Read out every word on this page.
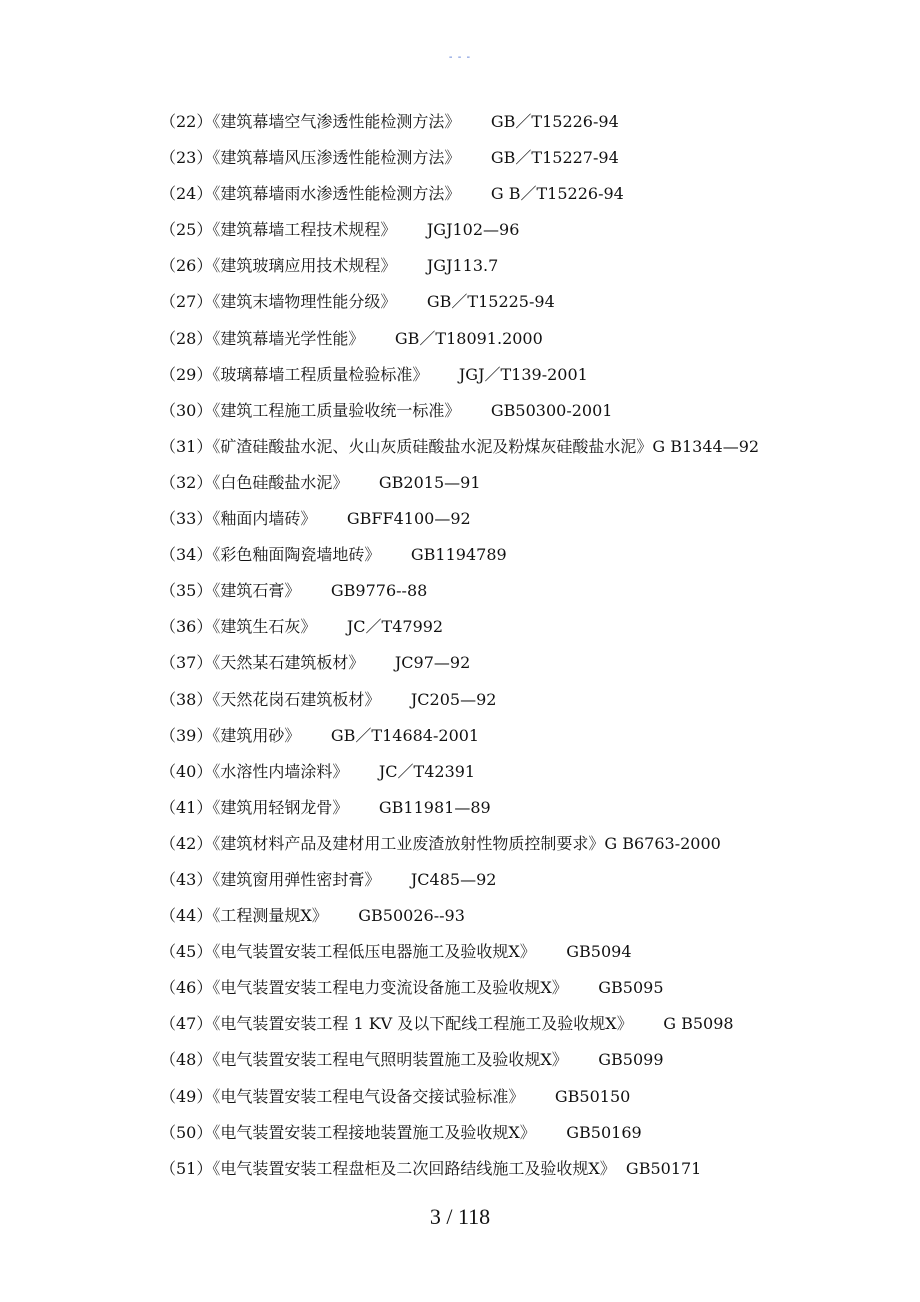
- - -
（22）《建筑幕墙空气渗透性能检测方法》      GB／T15226-94
（23）《建筑幕墙风压渗透性能检测方法》      GB／T15227-94
（24）《建筑幕墙雨水渗透性能检测方法》      G B／T15226-94
（25）《建筑幕墙工程技术规程》      JGJ102—96
（26）《建筑玻璃应用技术规程》      JGJ113.7
（27）《建筑末墙物理性能分级》      GB／T15225-94
（28）《建筑幕墙光学性能》      GB／T18091.2000
（29）《玻璃幕墙工程质量检验标准》      JGJ／T139-2001
（30）《建筑工程施工质量验收统一标准》      GB50300-2001
（31）《矿渣硅酸盐水泥、火山灰质硅酸盐水泥及粉煤灰硅酸盐水泥》G B1344—92
（32）《白色硅酸盐水泥》      GB2015—91
（33）《釉面内墙砖》      GBFF4100—92
（34）《彩色釉面陶瓷墙地砖》      GB1194789
（35）《建筑石膏》      GB9776--88
（36）《建筑生石灰》      JC／T47992
（37）《天然某石建筑板材》      JC97—92
（38）《天然花岗石建筑板材》      JC205—92
（39）《建筑用砂》      GB／T14684-2001
（40）《水溶性内墙涂料》      JC／T42391
（41）《建筑用轻钢龙骨》      GB11981—89
（42）《建筑材料产品及建材用工业废渣放射性物质控制要求》G B6763-2000
（43）《建筑窗用弹性密封膏》      JC485—92
（44）《工程测量规X》      GB50026--93
（45）《电气装置安装工程低压电器施工及验收规X》      GB5094
（46）《电气装置安装工程电力变流设备施工及验收规X》      GB5095
（47）《电气装置安装工程 1 KV 及以下配线工程施工及验收规X》      G B5098
（48）《电气装置安装工程电气照明装置施工及验收规X》      GB5099
（49）《电气装置安装工程电气设备交接试验标准》      GB50150
（50）《电气装置安装工程接地装置施工及验收规X》      GB50169
（51）《电气装置安装工程盘柜及二次回路结线施工及验收规X》  GB50171
3 / 118
